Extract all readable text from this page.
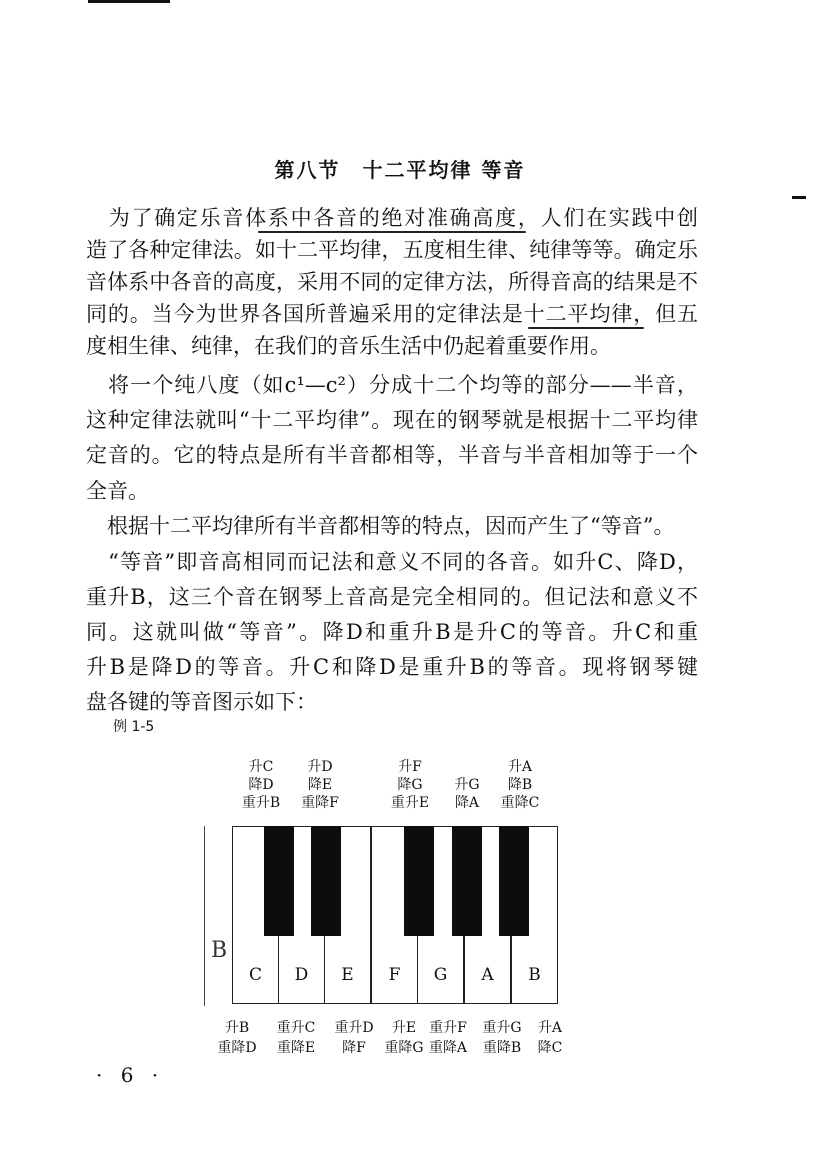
第八节　十二平均律 等音
　为了确定乐音体系中各音的绝对准确高度，人们在实践中创
造了各种定律法。如十二平均律，五度相生律、纯律等等。确定乐
音体系中各音的高度，采用不同的定律方法，所得音高的结果是不
同的。当今为世界各国所普遍采用的定律法是十二平均律，但五
度相生律、纯律，在我们的音乐生活中仍起着重要作用。
　将一个纯八度（如c¹—c²）分成十二个均等的部分——半音，
这种定律法就叫“十二平均律”。现在的钢琴就是根据十二平均律
定音的。它的特点是所有半音都相等，半音与半音相加等于一个
全音。
　根据十二平均律所有半音都相等的特点，因而产生了“等音”。
　“等音”即音高相同而记法和意义不同的各音。如升C、降D，
重升B，这三个音在钢琴上音高是完全相同的。但记法和意义不
同。这就叫做“等音”。降D和重升B是升C的等音。升C和重
升B是降D的等音。升C和降D是重升B的等音。现将钢琴键
盘各键的等音图示如下：
例 1-5
升C
降D
重升B
升D
降E
重降F
升F
降G
重升E
升G
降A
升A
降B
重降C
B
C	D	E	F	G	A	B
升B
重降D
重升C
重降E
重升D
降F
升E
重降G
重升F
重降A
重升G
重降B
升A
降C
· 6 ·
